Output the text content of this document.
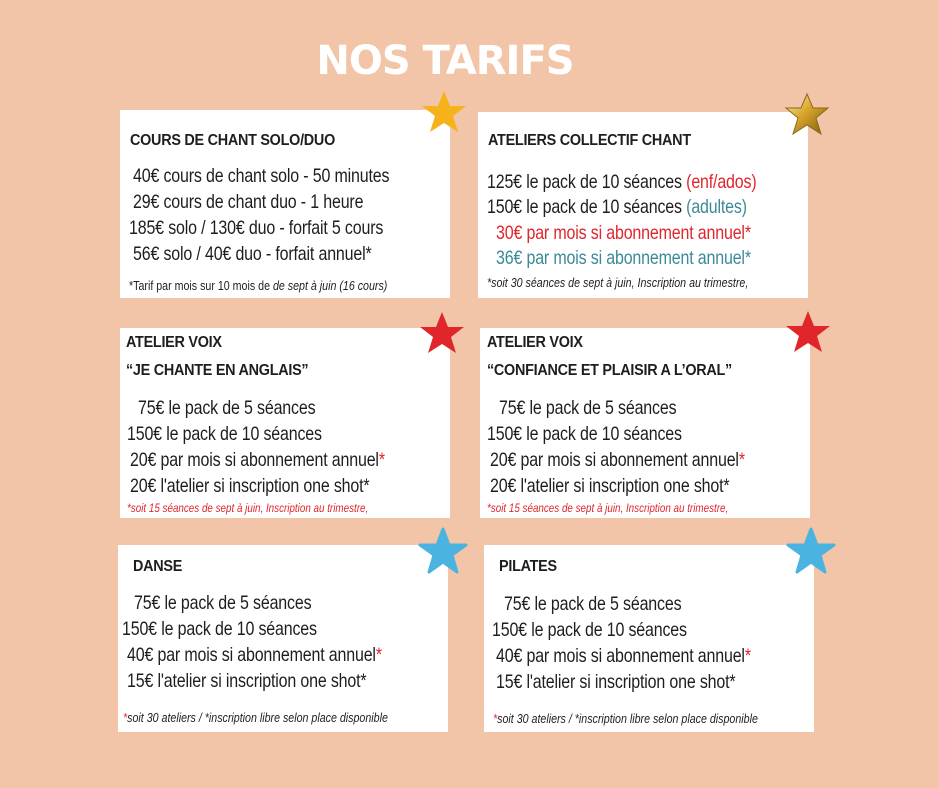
NOS TARIFS
COURS DE CHANT SOLO/DUO
40€ cours de chant solo - 50 minutes
29€ cours de chant duo - 1 heure
185€ solo / 130€ duo - forfait 5 cours
56€ solo / 40€ duo - forfait annuel*
*Tarif par mois sur 10 mois de de sept à juin (16 cours)
ATELIERS COLLECTIF CHANT
125€ le pack de 10 séances (enf/ados)
150€ le pack de 10 séances (adultes)
30€ par mois si abonnement annuel*
36€ par mois si abonnement annuel*
*soit 30 séances de sept à juin, Inscription au trimestre,
ATELIER VOIX
“JE CHANTE EN ANGLAIS”
75€ le pack de 5 séances
150€ le pack de 10 séances
20€ par mois si abonnement annuel*
20€ l'atelier si inscription one shot*
*soit 15 séances de sept à juin, Inscription au trimestre,
ATELIER VOIX
“CONFIANCE ET PLAISIR A L’ORAL”
75€ le pack de 5 séances
150€ le pack de 10 séances
20€ par mois si abonnement annuel*
20€ l'atelier si inscription one shot*
*soit 15 séances de sept à juin, Inscription au trimestre,
DANSE
75€ le pack de 5 séances
150€ le pack de 10 séances
40€ par mois si abonnement annuel*
15€ l'atelier si inscription one shot*
*soit 30 ateliers / *inscription libre selon place disponible
PILATES
75€ le pack de 5 séances
150€ le pack de 10 séances
40€ par mois si abonnement annuel*
15€ l'atelier si inscription one shot*
*soit 30 ateliers / *inscription libre selon place disponible
